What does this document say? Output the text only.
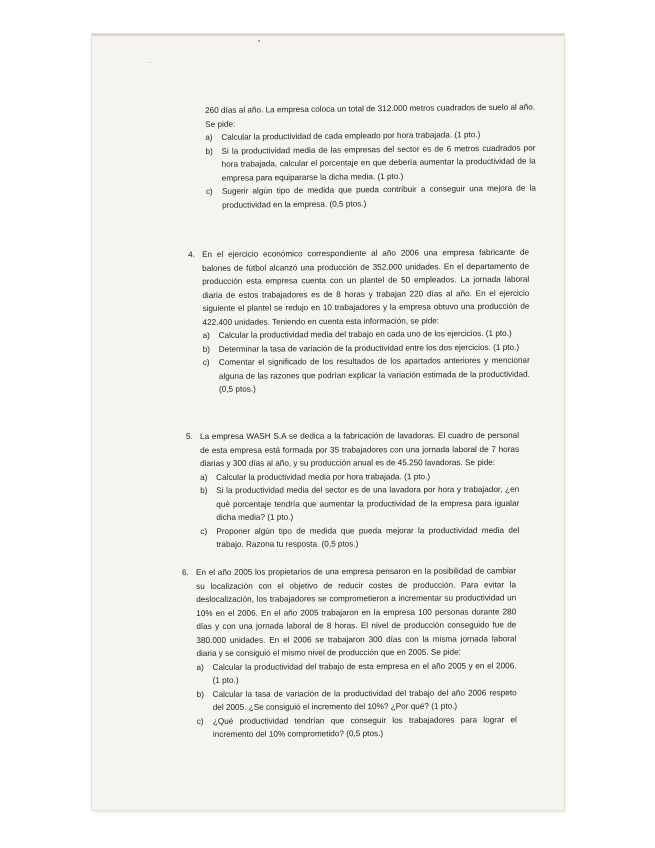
260 días al año. La empresa coloca un total de 312.000 metros cuadrados de suelo al año. Se pide:

a) Calcular la productividad de cada empleado por hora trabajada. (1 pto.)
b) Si la productividad media de las empresas del sector es de 6 metros cuadrados por hora trabajada, calcular el porcentaje en que debería aumentar la productividad de la empresa para equipararse la dicha media. (1 pto.)
c) Sugerir algún tipo de medida que pueda contribuir a conseguir una mejora de la productividad en la empresa. (0,5 ptos.)
4. En el ejercicio económico correspondiente al año 2006 una empresa fabricante de balones de fútbol alcanzó una producción de 352.000 unidades. En el departamento de producción esta empresa cuenta con un plantel de 50 empleados. La jornada laboral diaria de estos trabajadores es de 8 horas y trabajan 220 días al año. En el ejercicio siguiente el plantel se redujo en 10 trabajadores y la empresa obtuvo una producción de 422.400 unidades. Teniendo en cuenta esta información, se pide:

a) Calcular la productividad media del trabajo en cada uno de los ejercicios. (1 pto.)
b) Determinar la tasa de variación de la productividad entre los dos ejercicios. (1 pto.)
c) Comentar el significado de los resultados de los apartados anteriores y mencionar alguna de las razones que podrían explicar la variación estimada de la productividad. (0,5 ptos.)
5. La empresa WASH S.A se dedica a la fabricación de lavadoras. El cuadro de personal de esta empresa está formada por 35 trabajadores con una jornada laboral de 7 horas diarias y 300 días al año, y su producción anual es de 45.250 lavadoras. Se pide:

a) Calcular la productividad media por hora trabajada. (1 pto.)
b) Si la productividad media del sector es de una lavadora por hora y trabajador, ¿en qué porcentaje tendría que aumentar la productividad de la empresa para igualar dicha media? (1 pto.)
c) Proponer algún tipo de medida que pueda mejorar la productividad media del trabajo. Razona tu resposta. (0,5 ptos.)
6. En el año 2005 los propietarios de una empresa pensaron en la posibilidad de cambiar su localización con el objetivo de reducir costes de producción. Para evitar la deslocalización, los trabajadores se comprometieron a incrementar su productividad un 10% en el 2006. En el año 2005 trabajaron en la empresa 100 personas durante 280 días y con una jornada laboral de 8 horas. El nivel de producción conseguido fue de 380.000 unidades. En el 2006 se trabajaron 300 días con la misma jornada laboral diaria y se consiguió el mismo nivel de producción que en 2005. Se pide:

a) Calcular la productividad del trabajo de esta empresa en el año 2005 y en el 2006. (1 pto.)
b) Calcular la tasa de variación de la productividad del trabajo del año 2006 respeto del 2005. ¿Se consiguió el incremento del 10%? ¿Por qué? (1 pto.)
c) ¿Qué productividad tendrían que conseguir los trabajadores para lograr el incremento del 10% comprometido? (0,5 ptos.)
